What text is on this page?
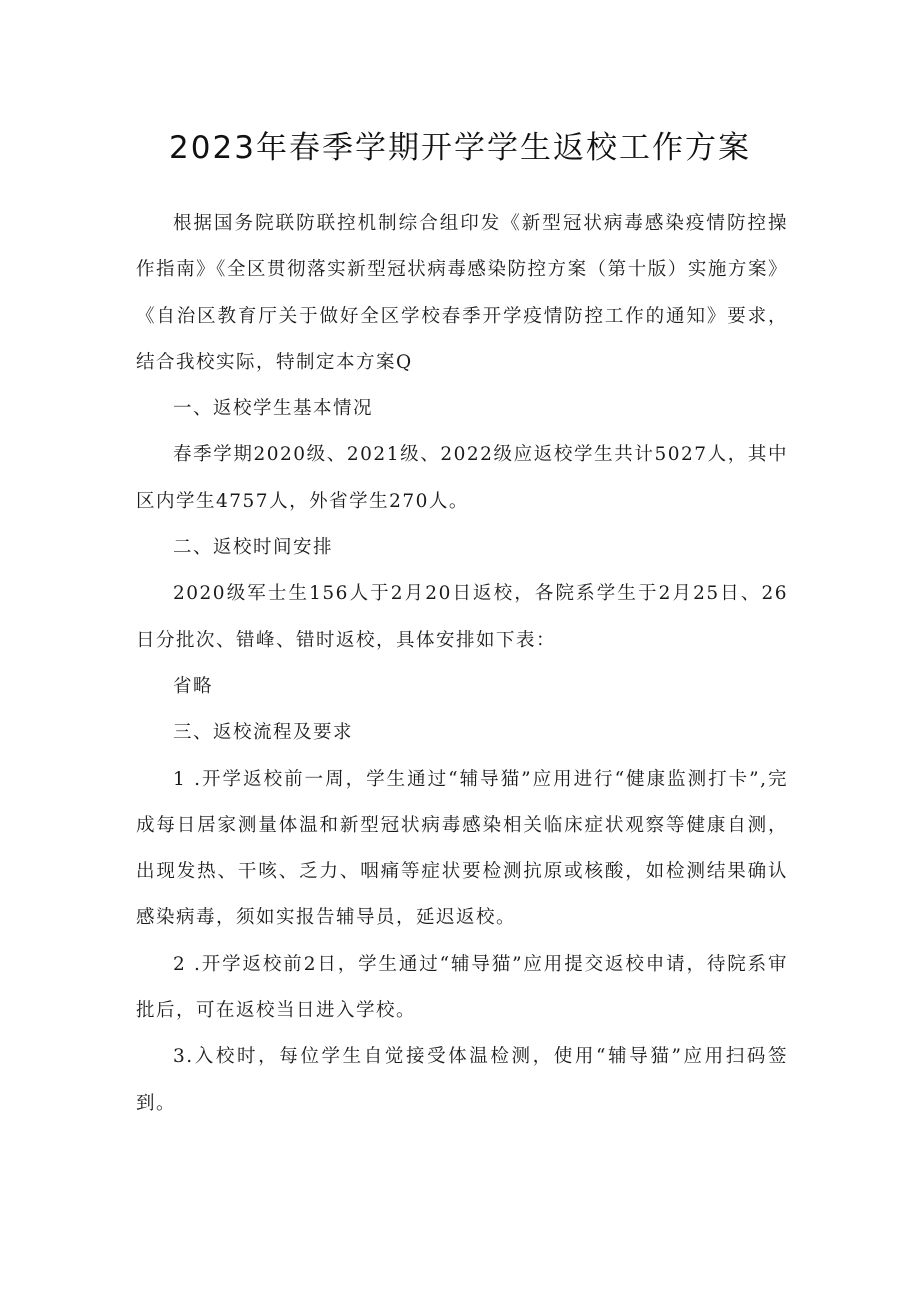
2023年春季学期开学学生返校工作方案

根据国务院联防联控机制综合组印发《新型冠状病毒感染疫情防控操作指南》《全区贯彻落实新型冠状病毒感染防控方案（第十版）实施方案》《自治区教育厅关于做好全区学校春季开学疫情防控工作的通知》要求，结合我校实际，特制定本方案Q

一、返校学生基本情况

春季学期2020级、2021级、2022级应返校学生共计5027人，其中区内学生4757人，外省学生270人。

二、返校时间安排

2020级军士生156人于2月20日返校，各院系学生于2月25日、26日分批次、错峰、错时返校，具体安排如下表：

省略

三、返校流程及要求

1 .开学返校前一周，学生通过“辅导猫”应用进行“健康监测打卡”,完成每日居家测量体温和新型冠状病毒感染相关临床症状观察等健康自测，出现发热、干咳、乏力、咽痛等症状要检测抗原或核酸，如检测结果确认感染病毒，须如实报告辅导员，延迟返校。

2 .开学返校前2日，学生通过“辅导猫”应用提交返校申请，待院系审批后，可在返校当日进入学校。

3.入校时，每位学生自觉接受体温检测，使用“辅导猫”应用扫码签到。
